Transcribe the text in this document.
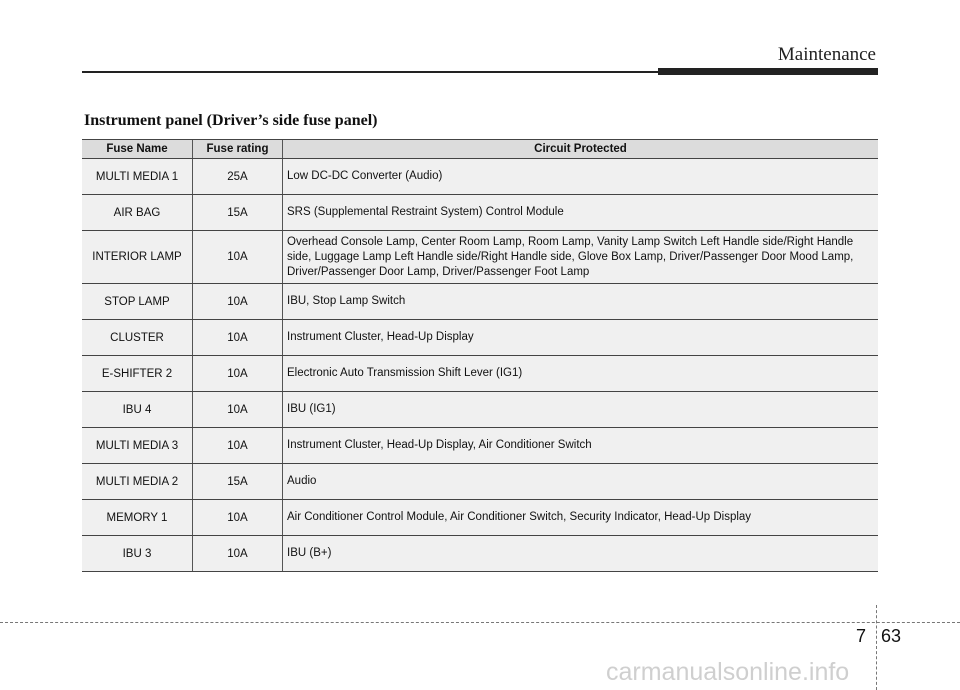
Maintenance
Instrument panel (Driver’s side fuse panel)
Fuse Name	Fuse rating	Circuit Protected
MULTI MEDIA 1	25A	Low DC-DC Converter (Audio)
AIR BAG	15A	SRS (Supplemental Restraint System) Control Module
INTERIOR LAMP	10A	Overhead Console Lamp, Center Room Lamp, Room Lamp, Vanity Lamp Switch Left Handle side/Right Handle side, Luggage Lamp Left Handle side/Right Handle side, Glove Box Lamp, Driver/Passenger Door Mood Lamp, Driver/Passenger Door Lamp, Driver/Passenger Foot Lamp
STOP LAMP	10A	IBU, Stop Lamp Switch
CLUSTER	10A	Instrument Cluster, Head-Up Display
E-SHIFTER 2	10A	Electronic Auto Transmission Shift Lever (IG1)
IBU 4	10A	IBU (IG1)
MULTI MEDIA 3	10A	Instrument Cluster, Head-Up Display, Air Conditioner Switch
MULTI MEDIA 2	15A	Audio
MEMORY 1	10A	Air Conditioner Control Module, Air Conditioner Switch, Security Indicator, Head-Up Display
IBU 3	10A	IBU (B+)
7 63
carmanualsonline.info
